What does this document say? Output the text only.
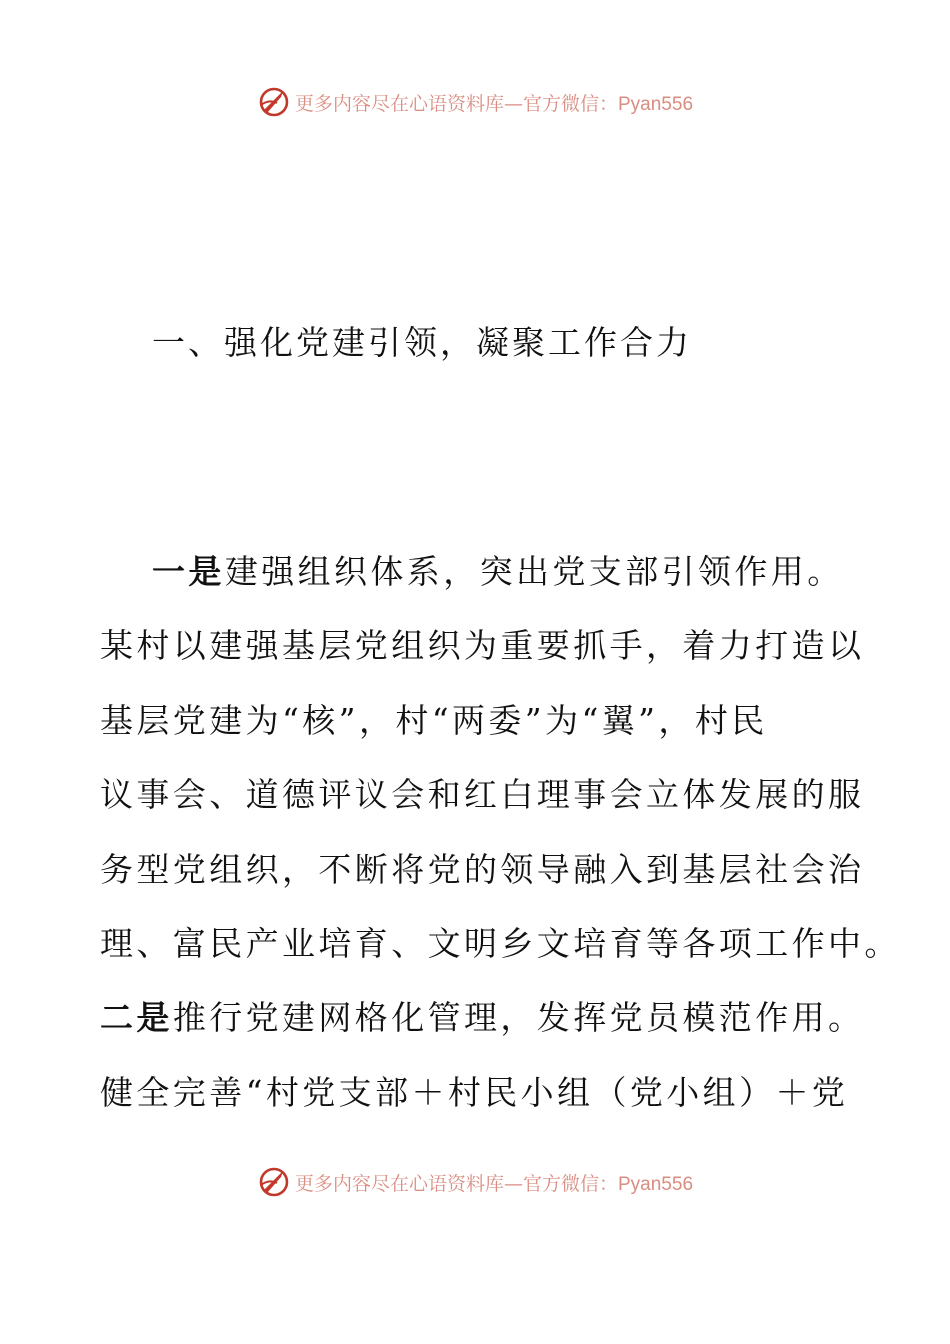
更多内容尽在心语资料库—官方微信：Pyan556
一、强化党建引领，凝聚工作合力
一是建强组织体系，突出党支部引领作用。
某村以建强基层党组织为重要抓手，着力打造以
基层党建为“核”，村“两委”为“翼”，村民
议事会、道德评议会和红白理事会立体发展的服
务型党组织，不断将党的领导融入到基层社会治
理、富民产业培育、文明乡文培育等各项工作中。
二是推行党建网格化管理，发挥党员模范作用。
健全完善“村党支部＋村民小组（党小组）＋党
更多内容尽在心语资料库—官方微信：Pyan556
